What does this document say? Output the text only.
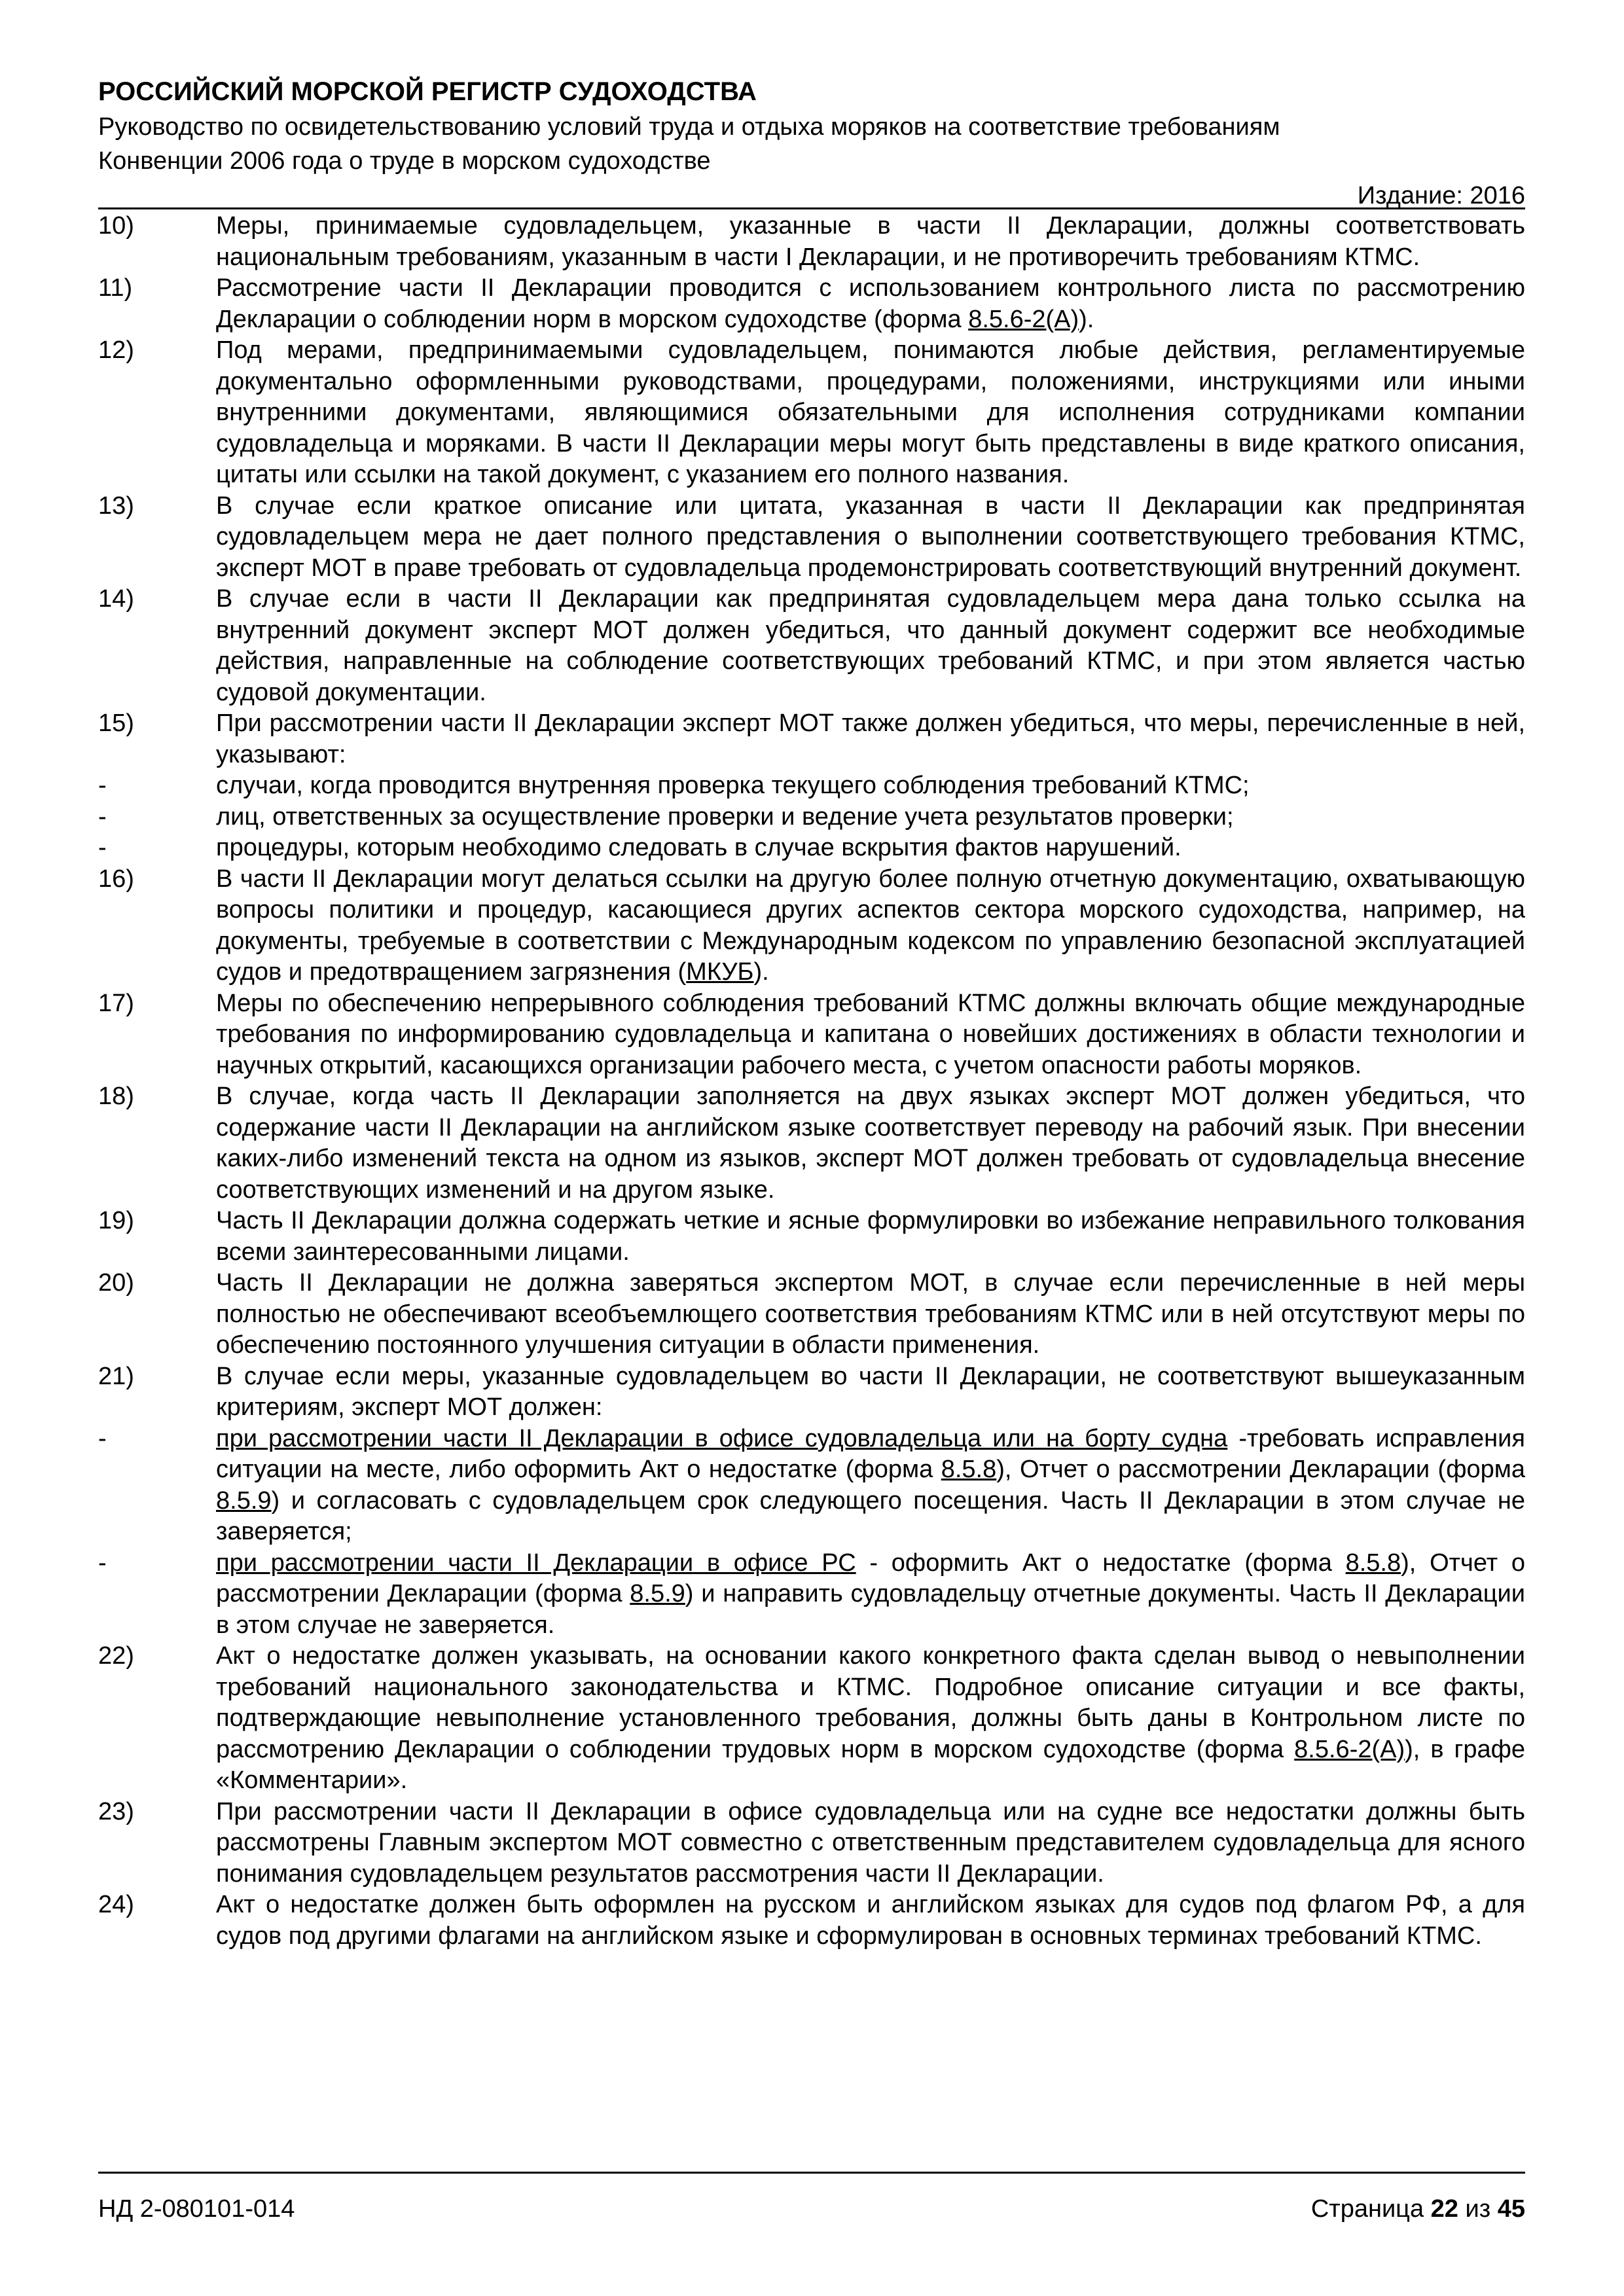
РОССИЙСКИЙ МОРСКОЙ РЕГИСТР СУДОХОДСТВА
Руководство по освидетельствованию условий труда и отдыха моряков на соответствие требованиям
Конвенции 2006 года о труде в морском судоходстве
Издание: 2016
10)	Меры, принимаемые судовладельцем, указанные в части II Декларации, должны соответствовать национальным требованиям, указанным в части I Декларации, и не противоречить требованиям КТМС.
11)	Рассмотрение части II Декларации проводится с использованием контрольного листа по рассмотрению Декларации о соблюдении норм в морском судоходстве (форма 8.5.6-2(A)).
12)	Под мерами, предпринимаемыми судовладельцем, понимаются любые действия, регламентируемые документально оформленными руководствами, процедурами, положениями, инструкциями или иными внутренними документами, являющимися обязательными для исполнения сотрудниками компании судовладельца и моряками. В части II Декларации меры могут быть представлены в виде краткого описания, цитаты или ссылки на такой документ, с указанием его полного названия.
13)	В случае если краткое описание или цитата, указанная в части II Декларации как предпринятая судовладельцем мера не дает полного представления о выполнении соответствующего требования КТМС, эксперт МОТ в праве требовать от судовладельца продемонстрировать соответствующий внутренний документ.
14)	В случае если в части II Декларации как предпринятая судовладельцем мера дана только ссылка на внутренний документ эксперт МОТ должен убедиться, что данный документ содержит все необходимые действия, направленные на соблюдение соответствующих требований КТМС, и при этом является частью судовой документации.
15)	При рассмотрении части II Декларации эксперт МОТ также должен убедиться, что меры, перечисленные в ней, указывают:
-	случаи, когда проводится внутренняя проверка текущего соблюдения требований КТМС;
-	лиц, ответственных за осуществление проверки и ведение учета результатов проверки;
-	процедуры, которым необходимо следовать в случае вскрытия фактов нарушений.
16)	В части II Декларации могут делаться ссылки на другую более полную отчетную документацию, охватывающую вопросы политики и процедур, касающиеся других аспектов сектора морского судоходства, например, на документы, требуемые в соответствии с Международным кодексом по управлению безопасной эксплуатацией судов и предотвращением загрязнения (МКУБ).
17)	Меры по обеспечению непрерывного соблюдения требований КТМС должны включать общие международные требования по информированию судовладельца и капитана о новейших достижениях в области технологии и научных открытий, касающихся организации рабочего места, с учетом опасности работы моряков.
18)	В случае, когда часть II Декларации заполняется на двух языках эксперт МОТ должен убедиться, что содержание части II Декларации на английском языке соответствует переводу на рабочий язык. При внесении каких-либо изменений текста на одном из языков, эксперт МОТ должен требовать от судовладельца внесение соответствующих изменений и на другом языке.
19)	Часть II Декларации должна содержать четкие и ясные формулировки во избежание неправильного толкования всеми заинтересованными лицами.
20)	Часть II Декларации не должна заверяться экспертом МОТ, в случае если перечисленные в ней меры полностью не обеспечивают всеобъемлющего соответствия требованиям КТМС или в ней отсутствуют меры по обеспечению постоянного улучшения ситуации в области применения.
21)	В случае если меры, указанные судовладельцем во части II Декларации, не соответствуют вышеуказанным критериям, эксперт МОТ должен:
-	при рассмотрении части II Декларации в офисе судовладельца или на борту судна -требовать исправления ситуации на месте, либо оформить Акт о недостатке (форма 8.5.8), Отчет о рассмотрении Декларации (форма 8.5.9) и согласовать с судовладельцем срок следующего посещения. Часть II Декларации в этом случае не заверяется;
-	при рассмотрении части II Декларации в офисе РС - оформить Акт о недостатке (форма 8.5.8), Отчет о рассмотрении Декларации (форма 8.5.9) и направить судовладельцу отчетные документы. Часть II Декларации в этом случае не заверяется.
22)	Акт о недостатке должен указывать, на основании какого конкретного факта сделан вывод о невыполнении требований национального законодательства и КТМС. Подробное описание ситуации и все факты, подтверждающие невыполнение установленного требования, должны быть даны в Контрольном листе по рассмотрению Декларации о соблюдении трудовых норм в морском судоходстве (форма 8.5.6-2(A)), в графе «Комментарии».
23)	При рассмотрении части II Декларации в офисе судовладельца или на судне все недостатки должны быть рассмотрены Главным экспертом МОТ совместно с ответственным представителем судовладельца для ясного понимания судовладельцем результатов рассмотрения части II Декларации.
24)	Акт о недостатке должен быть оформлен на русском и английском языках для судов под флагом РФ, а для судов под другими флагами на английском языке и сформулирован в основных терминах требований КТМС.
НД 2-080101-014	Страница 22 из 45
